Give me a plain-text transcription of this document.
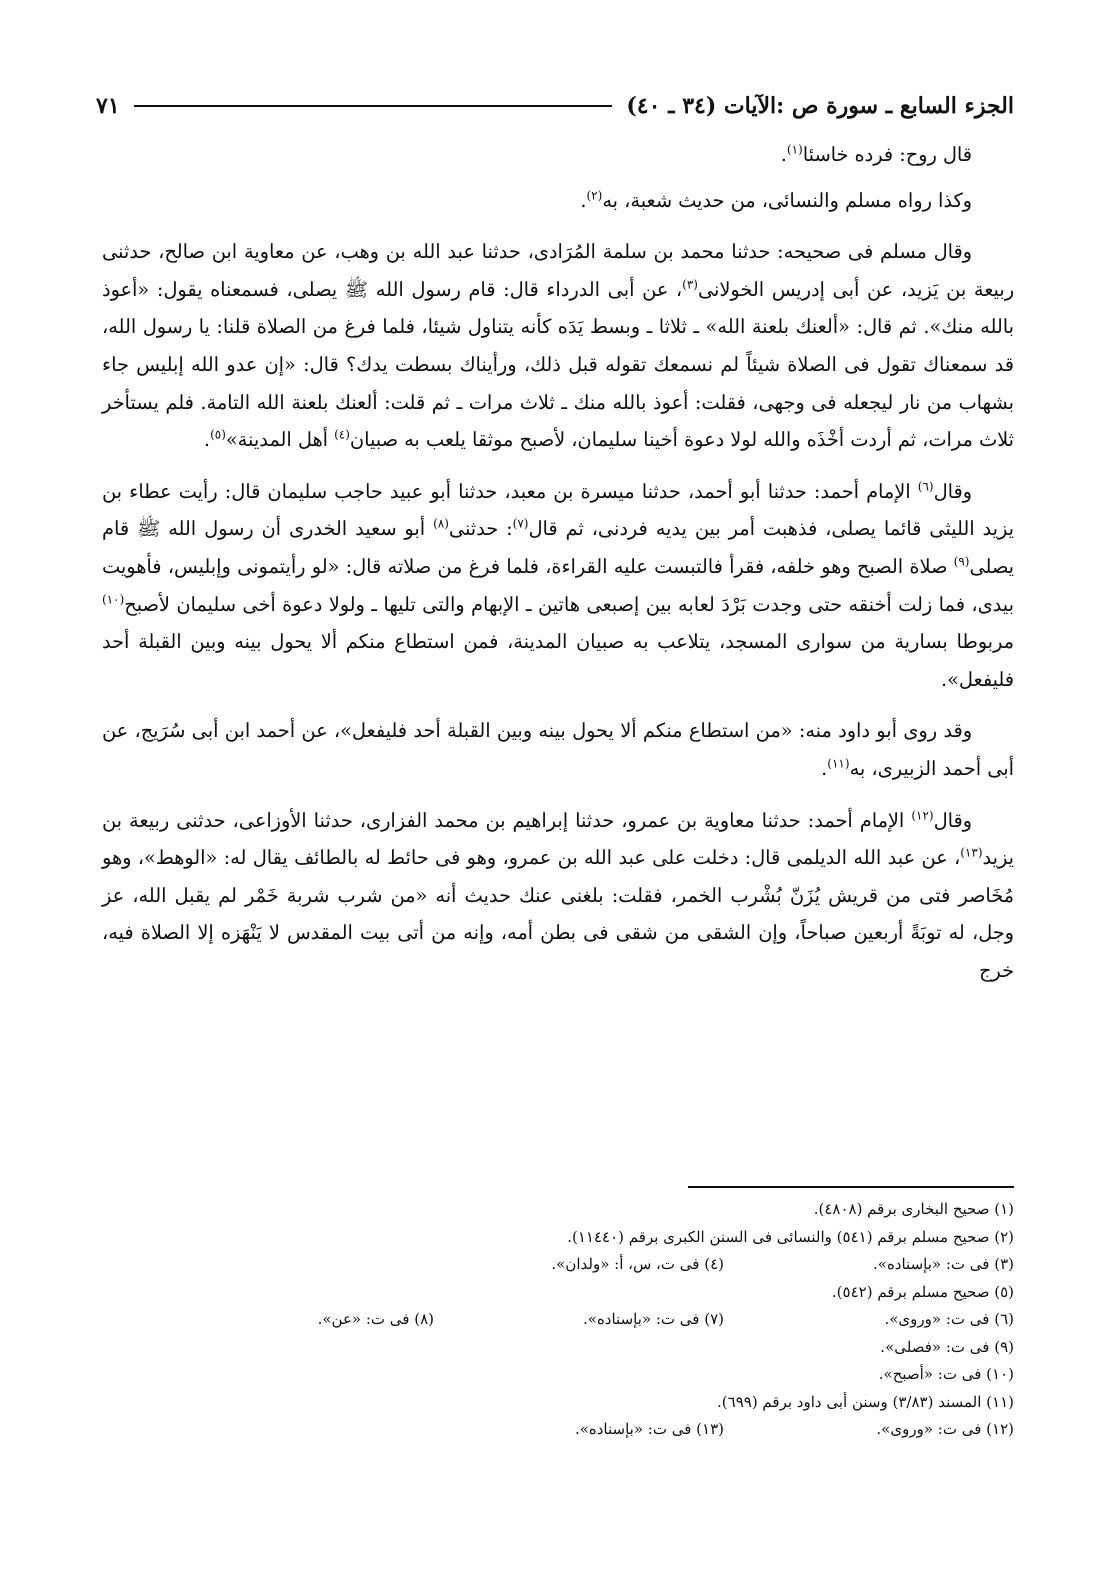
الجزء السابع ـ سورة ص :الآيات (٣٤ ـ ٤٠)
٧١

قال روح: فرده خاسئا$^{(١)}$.

وكذا رواه مسلم والنسائى، من حديث شعبة، به$^{(٢)}$.

وقال مسلم فى صحيحه: حدثنا محمد بن سلمة المُرَادى، حدثنا عبد الله بن وهب، عن معاوية ابن صالح، حدثنى ربيعة بن يَزيد، عن أبى إدريس الخولانى$^{(٣)}$، عن أبى الدرداء قال: قام رسول الله ﷺ يصلى، فسمعناه يقول: «أعوذ بالله منك». ثم قال: «ألعنك بلعنة الله» ـ ثلاثا ـ وبسط يَدَه كأنه يتناول شيئا، فلما فرغ من الصلاة قلنا: يا رسول الله، قد سمعناك تقول فى الصلاة شيئاً لم نسمعك تقوله قبل ذلك، ورأيناك بسطت يدك؟ قال: «إن عدو الله إبليس جاء بشهاب من نار ليجعله فى وجهى، فقلت: أعوذ بالله منك ـ ثلاث مرات ـ ثم قلت: ألعنك بلعنة الله التامة. فلم يستأخر ثلاث مرات، ثم أردت أخْذَه والله لولا دعوة أخينا سليمان، لأصبح موثقا يلعب به صبيان$^{(٤)}$ أهل المدينة»$^{(٥)}$.

وقال$^{(٦)}$ الإمام أحمد: حدثنا أبو أحمد، حدثنا ميسرة بن معبد، حدثنا أبو عبيد حاجب سليمان قال: رأيت عطاء بن يزيد الليثى قائما يصلى، فذهبت أمر بين يديه فردنى، ثم قال$^{(٧)}$: حدثنى$^{(٨)}$ أبو سعيد الخدرى أن رسول الله ﷺ قام يصلى$^{(٩)}$ صلاة الصبح وهو خلفه، فقرأ فالتبست عليه القراءة، فلما فرغ من صلاته قال: «لو رأيتمونى وإبليس، فأهويت بيدى، فما زلت أخنقه حتى وجدت بَرْدَ لعابه بين إصبعى هاتين ـ الإبهام والتى تليها ـ ولولا دعوة أخى سليمان لأصبح$^{(١٠)}$ مربوطا بسارية من سوارى المسجد، يتلاعب به صبيان المدينة، فمن استطاع منكم ألا يحول بينه وبين القبلة أحد فليفعل».

وقد روى أبو داود منه: «من استطاع منكم ألا يحول بينه وبين القبلة أحد فليفعل»، عن أحمد ابن أبى سُرَيج، عن أبى أحمد الزبيرى، به$^{(١١)}$.

وقال$^{(١٢)}$ الإمام أحمد: حدثنا معاوية بن عمرو، حدثنا إبراهيم بن محمد الفزارى، حدثنا الأوزاعى، حدثنى ربيعة بن يزيد$^{(١٣)}$، عن عبد الله الديلمى قال: دخلت على عبد الله بن عمرو، وهو فى حائط له بالطائف يقال له: «الوهط»، وهو مُخَاصر فتى من قريش يُزَنّ بُشْرب الخمر، فقلت: بلغنى عنك حديث أنه «من شرب شربة خَمْر لم يقبل الله، عز وجل، له توبَةً أربعين صباحاً، وإن الشقى من شقى فى بطن أمه، وإنه من أتى بيت المقدس لا يَنْهَزه إلا الصلاة فيه، خرج

(١) صحيح البخارى برقم (٤٨٠٨).
(٢) صحيح مسلم برقم (٥٤١) والنسائى فى السنن الكبرى برقم (١١٤٤٠).
(٣) فى ت: «بإسناده».
(٤) فى ت، س، أ: «ولدان».
(٥) صحيح مسلم برقم (٥٤٢).
(٦) فى ت: «وروى».
(٧) فى ت: «بإسناده».
(٨) فى ت: «عن».
(٩) فى ت: «فصلى».
(١٠) فى ت: «أصبح».
(١١) المسند (٣/٨٣) وسنن أبى داود برقم (٦٩٩).
(١٢) فى ت: «وروى».
(١٣) فى ت: «بإسناده».
